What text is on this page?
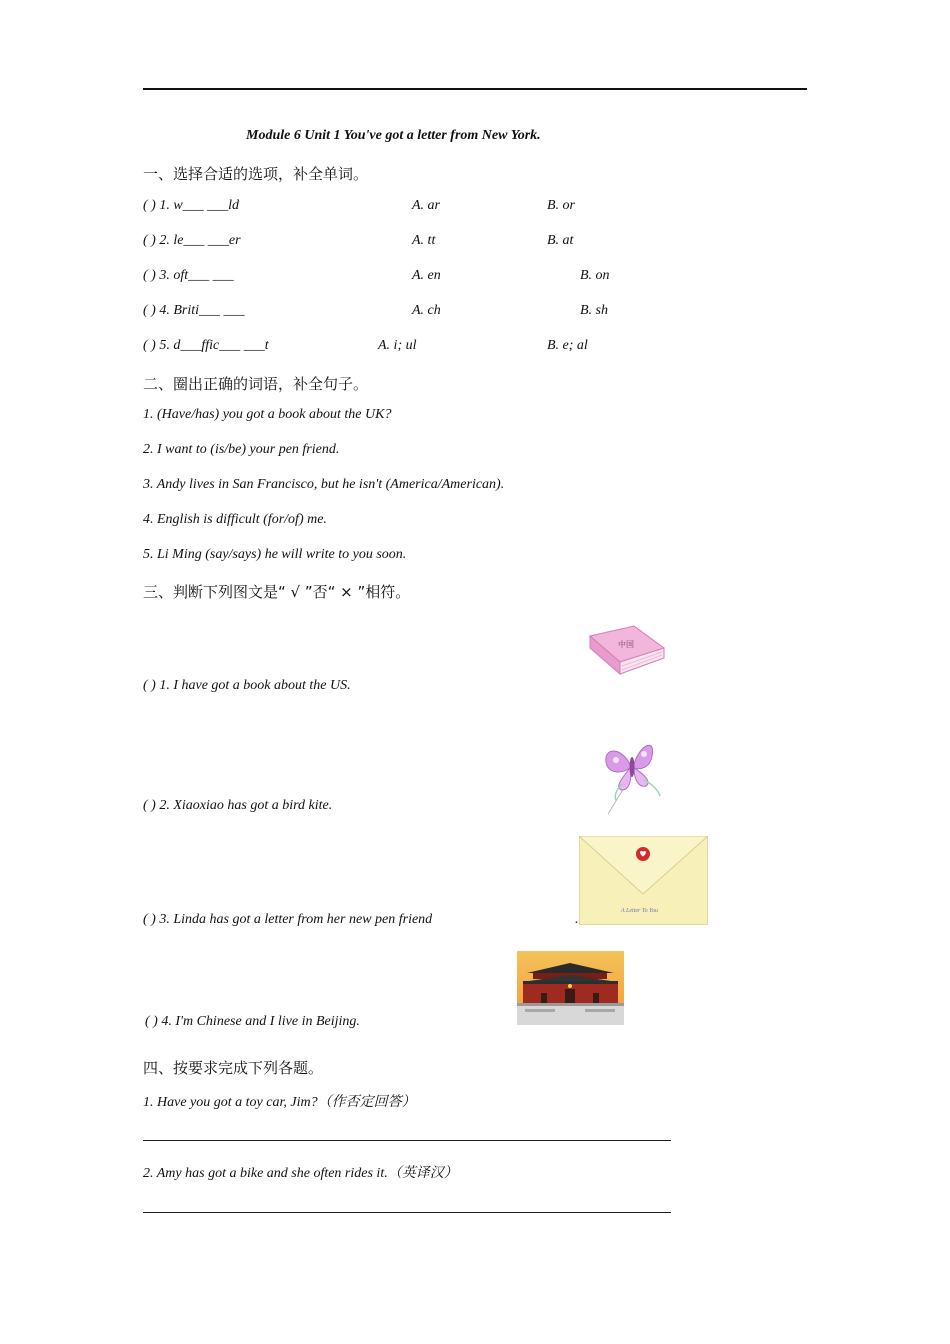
Module 6 Unit 1 You've got a letter from New York.
一、选择合适的选项，补全单词。
( ) 1. w___ ___ld	A. ar	B. or
( ) 2. le___ ___er	A. tt	B. at
( ) 3. oft___ ___	A. en	B. on
( ) 4. Briti___ ___	A. ch	B. sh
( ) 5. d___ffic___ ___t	A. i; ul	B. e; al
二、圈出正确的词语，补全句子。
1. (Have/has) you got a book about the UK?
2. I want to (is/be) your pen friend.
3. Andy lives in San Francisco, but he isn't (America/American).
4. English is difficult (for/of) me.
5. Li Ming (say/says) he will write to you soon.
三、判断下列图文是“ √ ”否“ × ”相符。
( ) 1. I have got a book about the US.
( ) 2. Xiaoxiao has got a bird kite.
( ) 3. Linda has got a letter from her new pen friend	.
( ) 4. I'm Chinese and I live in Beijing.
中国
A Letter To You
四、按要求完成下列各题。
1. Have you got a toy car, Jim?（作否定回答）
2. Amy has got a bike and she often rides it.（英译汉）
